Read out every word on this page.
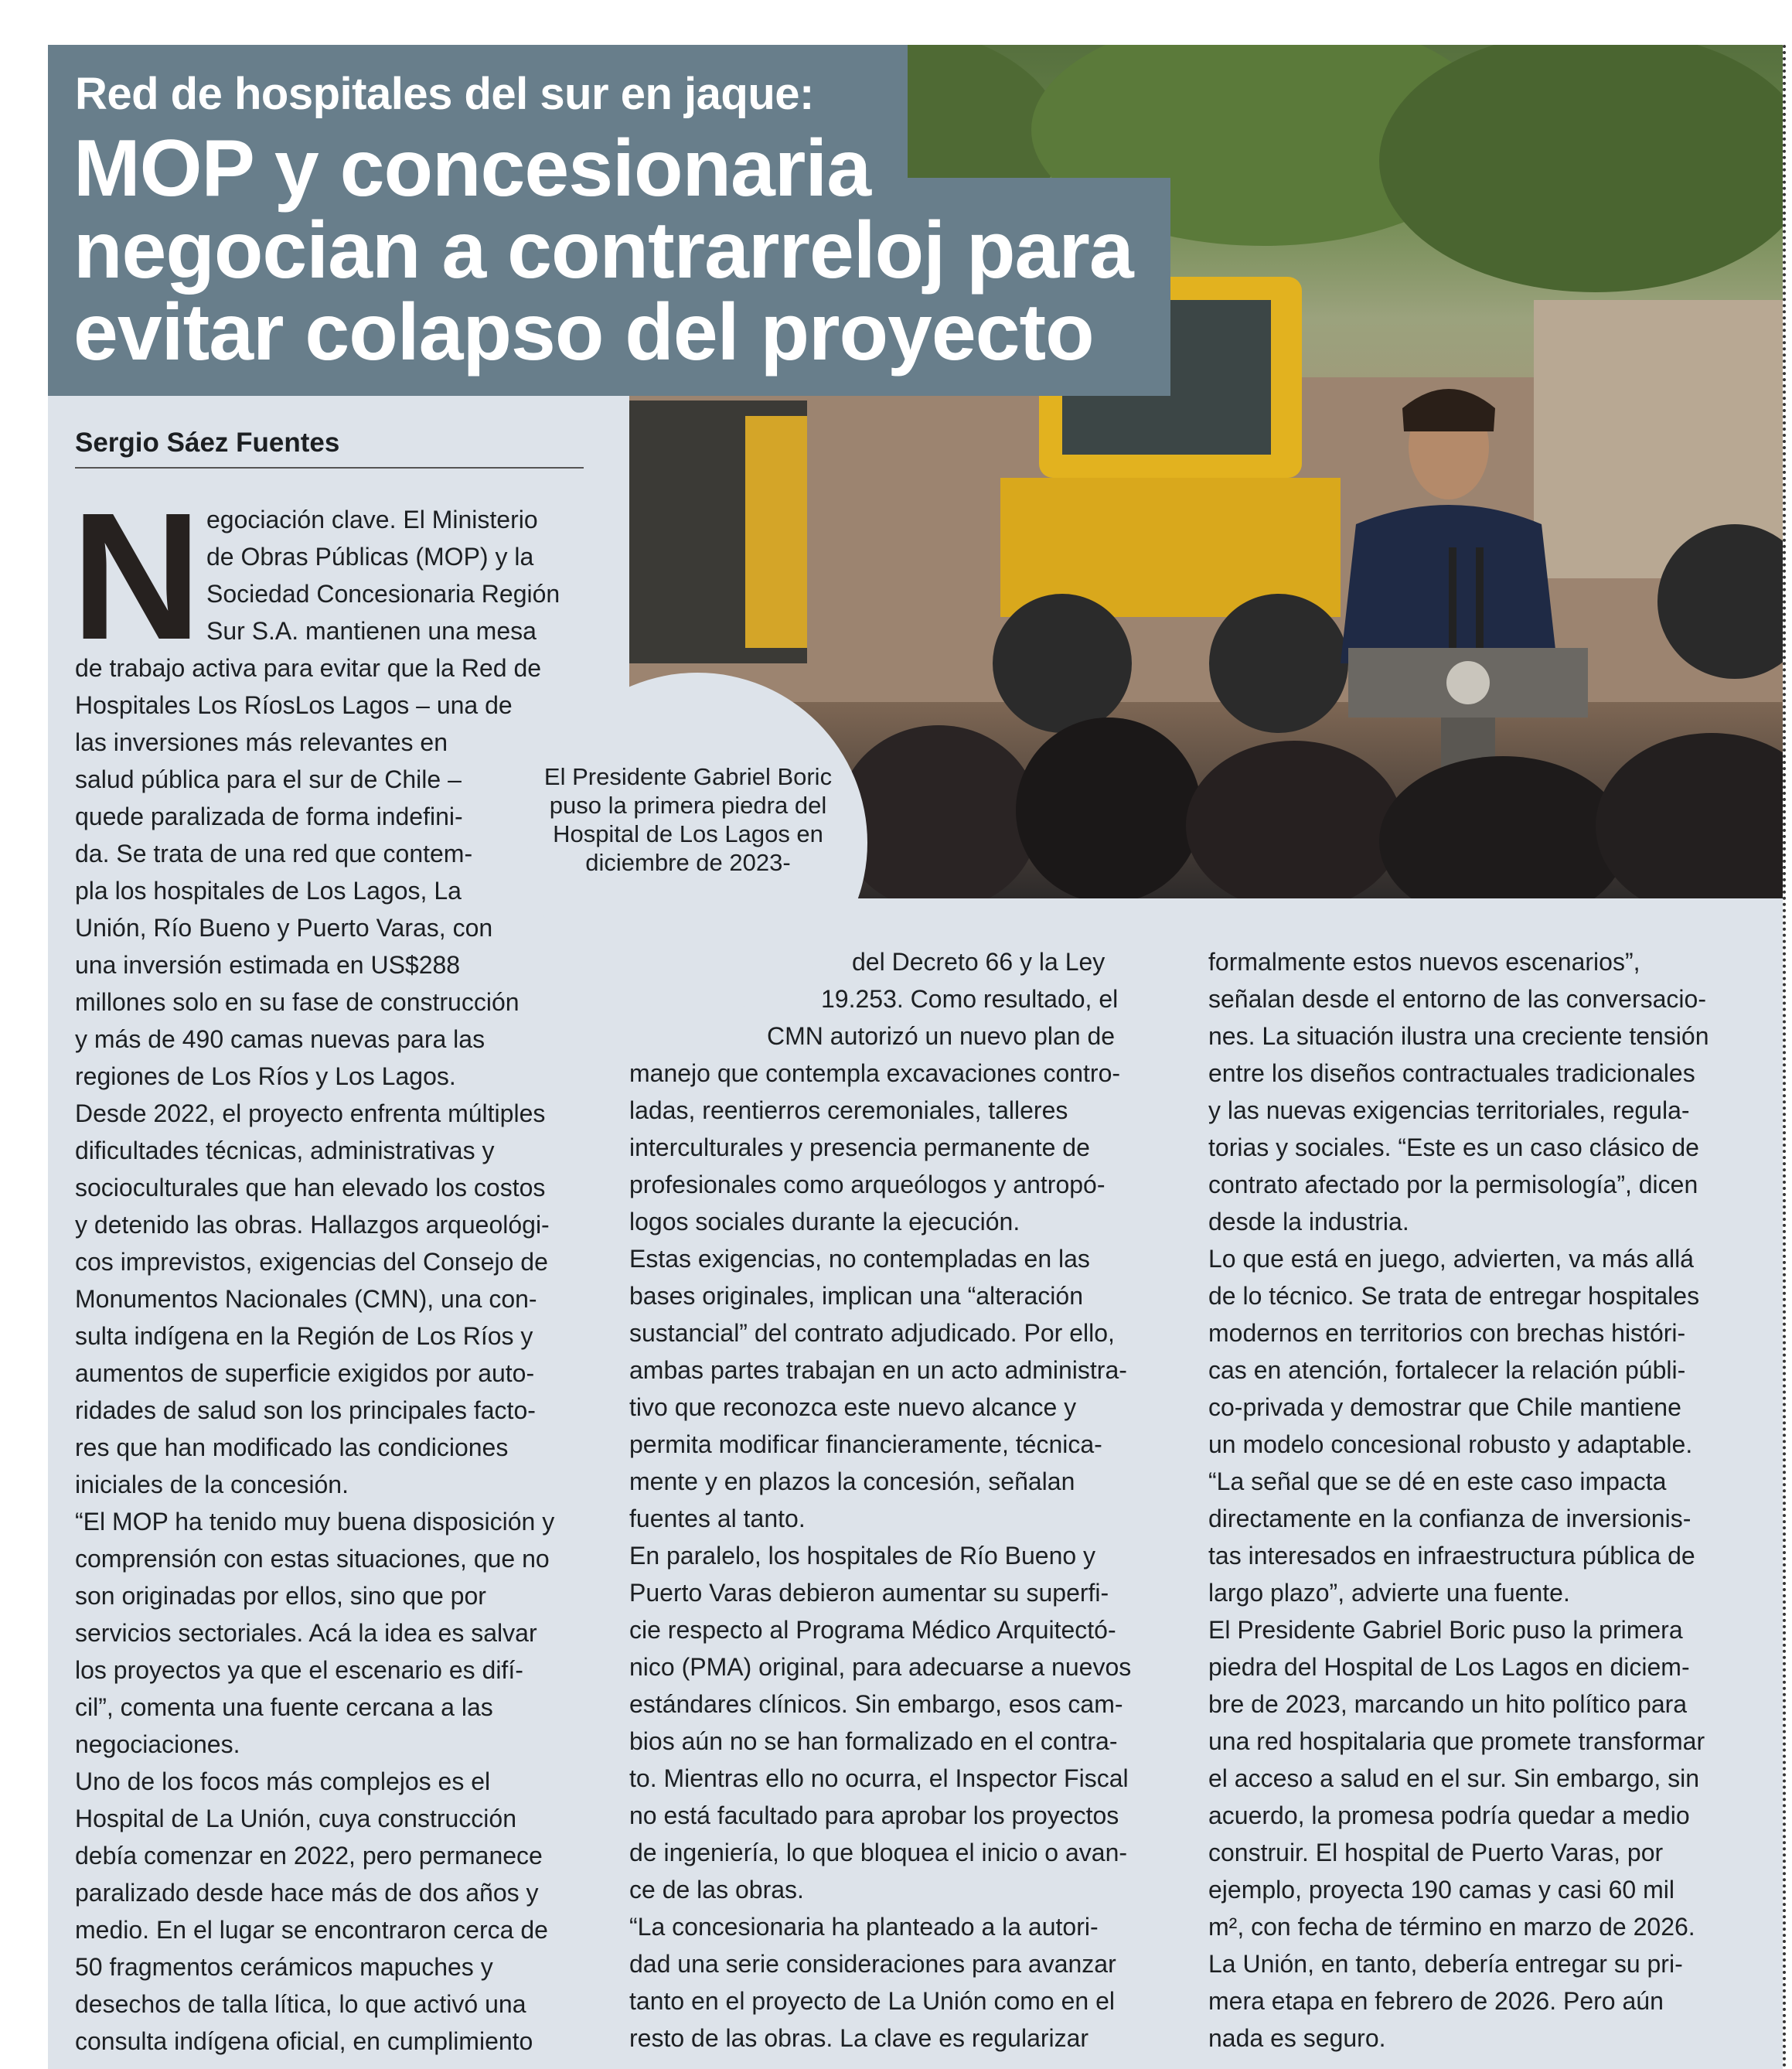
Red de hospitales del sur en jaque:
MOP y concesionaria
negocian a contrarreloj para
evitar colapso del proyecto
Sergio Sáez Fuentes
El Presidente Gabriel Boric puso la primera piedra del Hospital de Los Lagos en diciembre de 2023-
N egociación clave. El Ministerio
de Obras Públicas (MOP) y la
Sociedad Concesionaria Región
Sur S.A. mantienen una mesa
de trabajo activa para evitar que la Red de
Hospitales Los RíosLos Lagos – una de
las inversiones más relevantes en
salud pública para el sur de Chile –
quede paralizada de forma indefini-
da. Se trata de una red que contem-
pla los hospitales de Los Lagos, La
Unión, Río Bueno y Puerto Varas, con
una inversión estimada en US$288
millones solo en su fase de construcción
y más de 490 camas nuevas para las
regiones de Los Ríos y Los Lagos.
Desde 2022, el proyecto enfrenta múltiples
dificultades técnicas, administrativas y
socioculturales que han elevado los costos
y detenido las obras. Hallazgos arqueológi-
cos imprevistos, exigencias del Consejo de
Monumentos Nacionales (CMN), una con-
sulta indígena en la Región de Los Ríos y
aumentos de superficie exigidos por auto-
ridades de salud son los principales facto-
res que han modificado las condiciones
iniciales de la concesión.
“El MOP ha tenido muy buena disposición y
comprensión con estas situaciones, que no
son originadas por ellos, sino que por
servicios sectoriales. Acá la idea es salvar
los proyectos ya que el escenario es difí-
cil”, comenta una fuente cercana a las
negociaciones.
Uno de los focos más complejos es el
Hospital de La Unión, cuya construcción
debía comenzar en 2022, pero permanece
paralizado desde hace más de dos años y
medio. En el lugar se encontraron cerca de
50 fragmentos cerámicos mapuches y
desechos de talla lítica, lo que activó una
consulta indígena oficial, en cumplimiento
del Decreto 66 y la Ley
19.253. Como resultado, el
CMN autorizó un nuevo plan de
manejo que contempla excavaciones contro-
ladas, reentierros ceremoniales, talleres
interculturales y presencia permanente de
profesionales como arqueólogos y antropó-
logos sociales durante la ejecución.
Estas exigencias, no contempladas en las
bases originales, implican una “alteración
sustancial” del contrato adjudicado. Por ello,
ambas partes trabajan en un acto administra-
tivo que reconozca este nuevo alcance y
permita modificar financieramente, técnica-
mente y en plazos la concesión, señalan
fuentes al tanto.
En paralelo, los hospitales de Río Bueno y
Puerto Varas debieron aumentar su superfi-
cie respecto al Programa Médico Arquitectó-
nico (PMA) original, para adecuarse a nuevos
estándares clínicos. Sin embargo, esos cam-
bios aún no se han formalizado en el contra-
to. Mientras ello no ocurra, el Inspector Fiscal
no está facultado para aprobar los proyectos
de ingeniería, lo que bloquea el inicio o avan-
ce de las obras.
“La concesionaria ha planteado a la autori-
dad una serie consideraciones para avanzar
tanto en el proyecto de La Unión como en el
resto de las obras. La clave es regularizar
formalmente estos nuevos escenarios”,
señalan desde el entorno de las conversacio-
nes. La situación ilustra una creciente tensión
entre los diseños contractuales tradicionales
y las nuevas exigencias territoriales, regula-
torias y sociales. “Este es un caso clásico de
contrato afectado por la permisología”, dicen
desde la industria.
Lo que está en juego, advierten, va más allá
de lo técnico. Se trata de entregar hospitales
modernos en territorios con brechas históri-
cas en atención, fortalecer la relación públi-
co-privada y demostrar que Chile mantiene
un modelo concesional robusto y adaptable.
“La señal que se dé en este caso impacta
directamente en la confianza de inversionis-
tas interesados en infraestructura pública de
largo plazo”, advierte una fuente.
El Presidente Gabriel Boric puso la primera
piedra del Hospital de Los Lagos en diciem-
bre de 2023, marcando un hito político para
una red hospitalaria que promete transformar
el acceso a salud en el sur. Sin embargo, sin
acuerdo, la promesa podría quedar a medio
construir. El hospital de Puerto Varas, por
ejemplo, proyecta 190 camas y casi 60 mil
m², con fecha de término en marzo de 2026.
La Unión, en tanto, debería entregar su pri-
mera etapa en febrero de 2026. Pero aún
nada es seguro.
